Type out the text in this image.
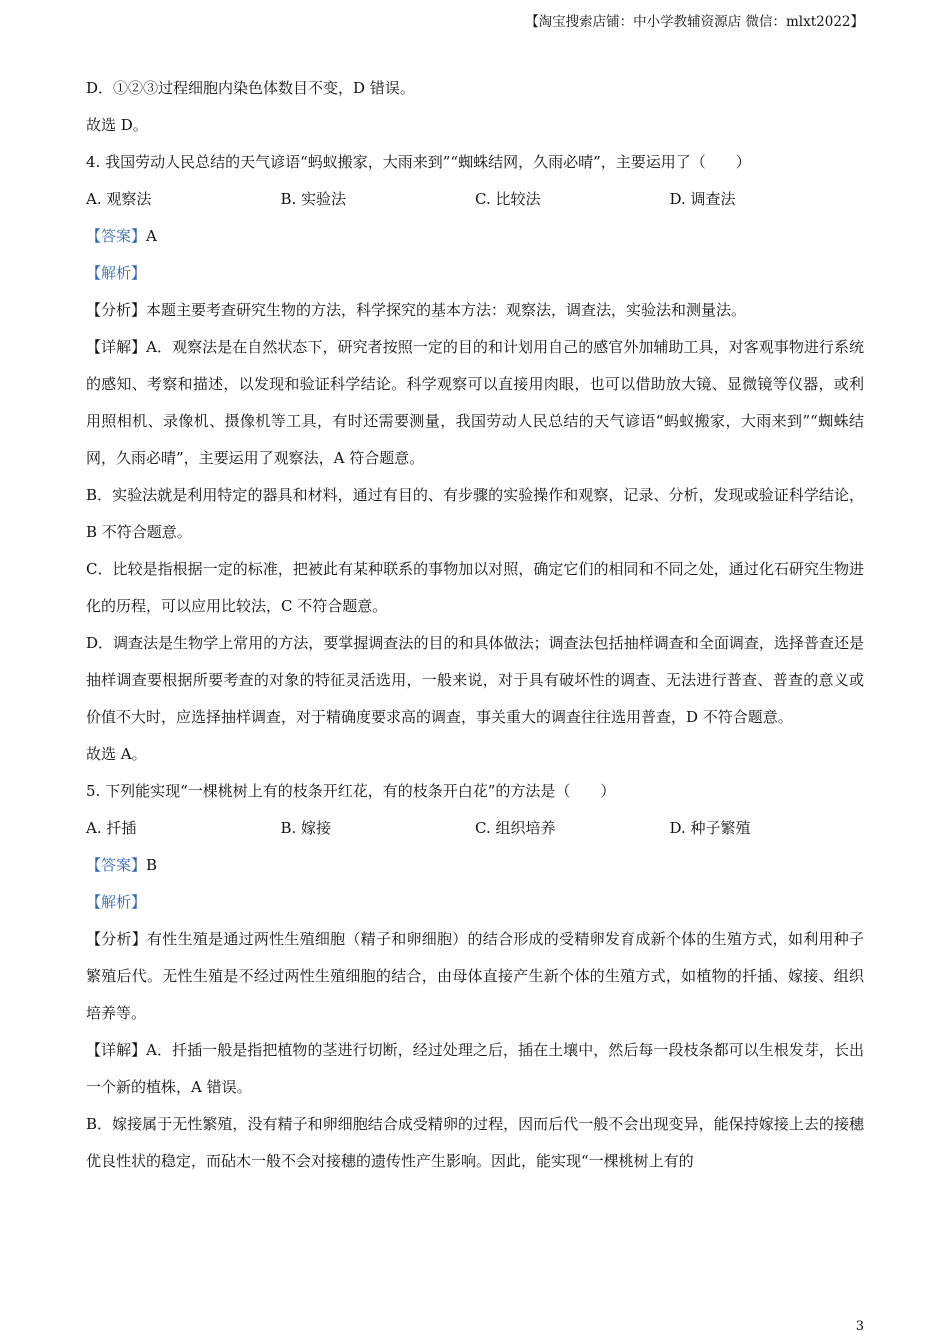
【淘宝搜索店铺：中小学教辅资源店 微信：mlxt2022】

D．①②③过程细胞内染色体数目不变，D 错误。

故选 D。

4. 我国劳动人民总结的天气谚语“蚂蚁搬家，大雨来到”“蜘蛛结网，久雨必晴”，主要运用了（　　）

A. 观察法	B. 实验法	C. 比较法	D. 调查法

【答案】A

【解析】

【分析】本题主要考查研究生物的方法，科学探究的基本方法：观察法，调查法，实验法和测量法。

【详解】A．观察法是在自然状态下，研究者按照一定的目的和计划用自己的感官外加辅助工具，对客观事物进行系统的感知、考察和描述，以发现和验证科学结论。科学观察可以直接用肉眼，也可以借助放大镜、显微镜等仪器，或利用照相机、录像机、摄像机等工具，有时还需要测量，我国劳动人民总结的天气谚语“蚂蚁搬家，大雨来到”“蜘蛛结网，久雨必晴”，主要运用了观察法，A 符合题意。

B．实验法就是利用特定的器具和材料，通过有目的、有步骤的实验操作和观察，记录、分析，发现或验证科学结论，B 不符合题意。

C．比较是指根据一定的标准，把被此有某种联系的事物加以对照，确定它们的相同和不同之处，通过化石研究生物进化的历程，可以应用比较法，C 不符合题意。

D．调查法是生物学上常用的方法，要掌握调查法的目的和具体做法；调查法包括抽样调查和全面调查，选择普查还是抽样调查要根据所要考查的对象的特征灵活选用，一般来说，对于具有破坏性的调查、无法进行普查、普查的意义或价值不大时，应选择抽样调查，对于精确度要求高的调查，事关重大的调查往往选用普查，D 不符合题意。

故选 A。

5. 下列能实现“一棵桃树上有的枝条开红花，有的枝条开白花”的方法是（　　）

A. 扦插	B. 嫁接	C. 组织培养	D. 种子繁殖

【答案】B

【解析】

【分析】有性生殖是通过两性生殖细胞（精子和卵细胞）的结合形成的受精卵发育成新个体的生殖方式，如利用种子繁殖后代。无性生殖是不经过两性生殖细胞的结合，由母体直接产生新个体的生殖方式，如植物的扦插、嫁接、组织培养等。

【详解】A．扦插一般是指把植物的茎进行切断，经过处理之后，插在土壤中，然后每一段枝条都可以生根发芽，长出一个新的植株，A 错误。

B．嫁接属于无性繁殖，没有精子和卵细胞结合成受精卵的过程，因而后代一般不会出现变异，能保持嫁接上去的接穗优良性状的稳定，而砧木一般不会对接穗的遗传性产生影响。因此，能实现“一棵桃树上有的

3
